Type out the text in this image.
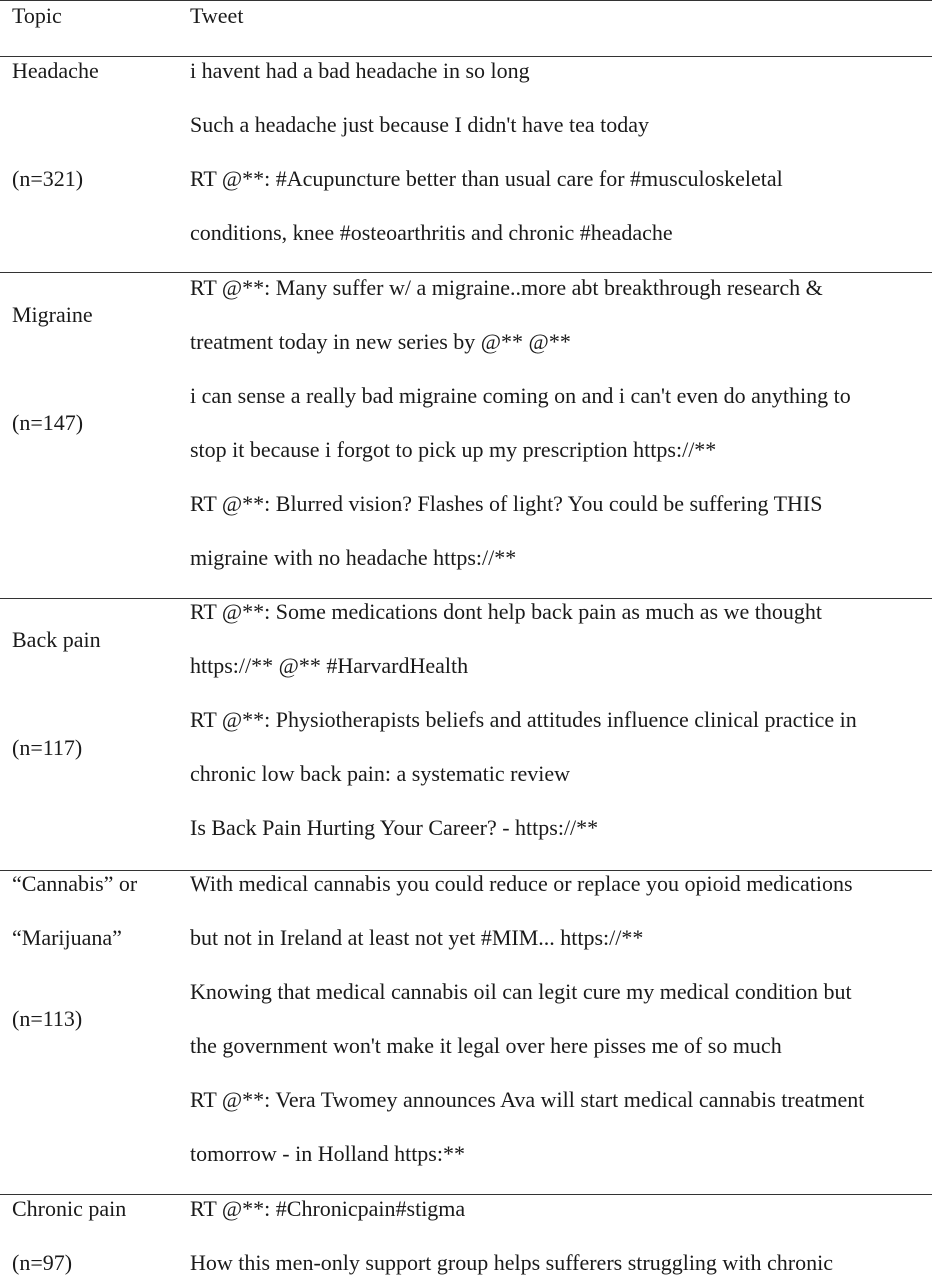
Topic	Tweet
Headache
(n=321)
i havent had a bad headache in so long
Such a headache just because I didn't have tea today
RT @**: #Acupuncture better than usual care for #musculoskeletal
conditions, knee #osteoarthritis and chronic #headache
Migraine
(n=147)
RT @**: Many suffer w/ a migraine..more abt breakthrough research &
treatment today in new series by @** @**
i can sense a really bad migraine coming on and i can't even do anything to
stop it because i forgot to pick up my prescription https://**
RT @**: Blurred vision? Flashes of light? You could be suffering THIS
migraine with no headache https://**
Back pain
(n=117)
RT @**: Some medications dont help back pain as much as we thought
https://** @** #HarvardHealth
RT @**: Physiotherapists beliefs and attitudes influence clinical practice in
chronic low back pain: a systematic review
Is Back Pain Hurting Your Career? - https://**
“Cannabis” or
“Marijuana”
(n=113)
With medical cannabis you could reduce or replace you opioid medications
but not in Ireland at least not yet #MIM... https://**
Knowing that medical cannabis oil can legit cure my medical condition but
the government won't make it legal over here pisses me of so much
RT @**: Vera Twomey announces Ava will start medical cannabis treatment
tomorrow - in Holland https:**
Chronic pain
(n=97)
RT @**: #Chronicpain#stigma
How this men-only support group helps sufferers struggling with chronic
